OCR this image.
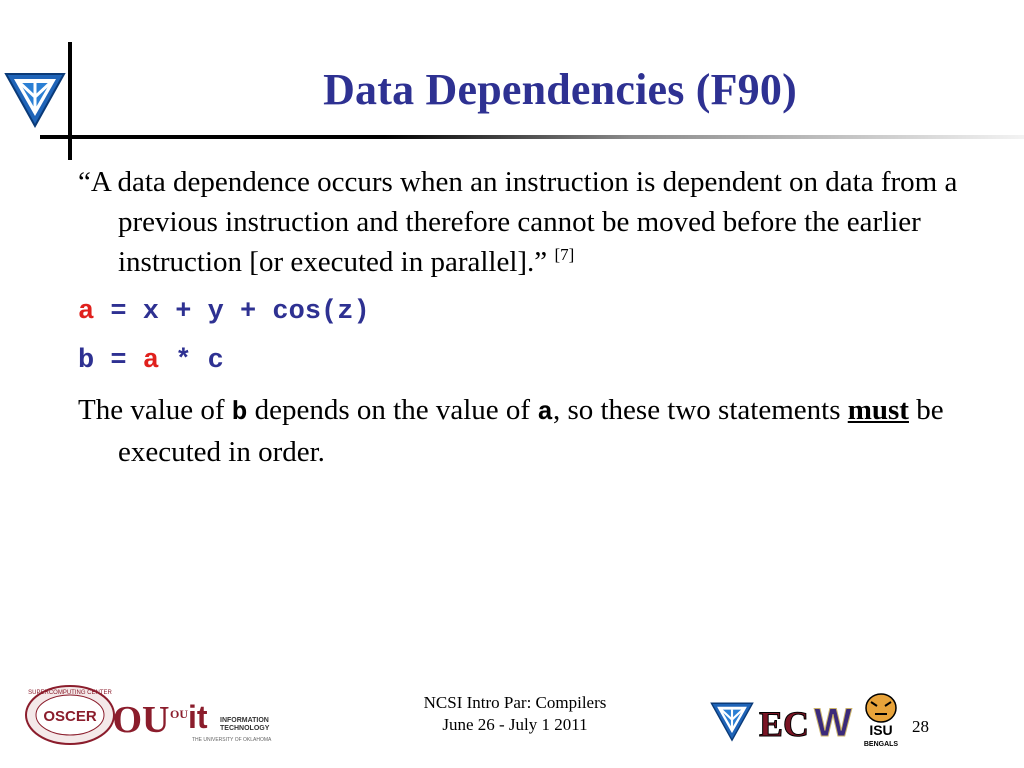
Data Dependencies (F90)

“A data dependence occurs when an instruction is dependent on data from a previous instruction and therefore cannot be moved before the earlier instruction [or executed in parallel].” [7]

a = x + y + cos(z)

b = a * c

The value of b depends on the value of a, so these two statements must be executed in order.

SUPERCOMPUTING CENTER
OSCER OU OU it INFORMATION
TECHNOLOGY
THE UNIVERSITY OF OKLAHOMA
NCSI Intro Par: Compilers
June 26 - July 1 2011	EC W ISU
BENGALS
28
